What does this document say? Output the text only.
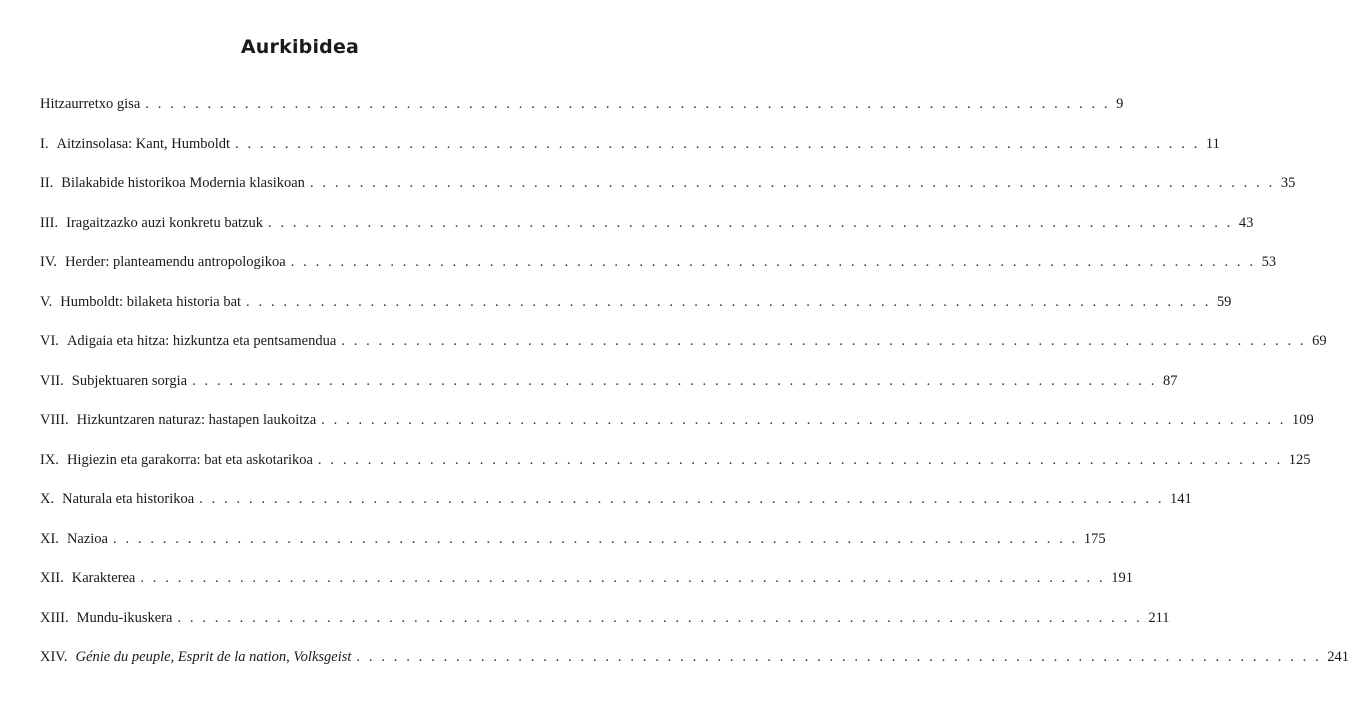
Aurkibidea
Hitzaurretxo gisa . . . . . . . . . . . . . . . . . . . . . . . . . . . . . . . . . . . . . . . . . . . . . . . . . . . . . . . . . . . . . . . . . . . . . . . . . . . . . . 9
I. Aitzinsolasa: Kant, Humboldt . . . . . . . . . . . . . . . . . . . . . . . . . . . . . . . . . . . . . . . . . . . . . . . . . . . . . . . . . . . . . . . . . . . . . . . . . . . . . . 11
II. Bilakabide historikoa Modernia klasikoan . . . . . . . . . . . . . . . . . . . . . . . . . . . . . . . . . . . . . . . . . . . . . . . . . . . . . . . . . . . . . . . . . . . . . . . . . . . . . . 35
III. Iragaitzazko auzi konkretu batzuk . . . . . . . . . . . . . . . . . . . . . . . . . . . . . . . . . . . . . . . . . . . . . . . . . . . . . . . . . . . . . . . . . . . . . . . . . . . . . . 43
IV. Herder: planteamendu antropologikoa . . . . . . . . . . . . . . . . . . . . . . . . . . . . . . . . . . . . . . . . . . . . . . . . . . . . . . . . . . . . . . . . . . . . . . . . . . . . . . 53
V. Humboldt: bilaketa historia bat . . . . . . . . . . . . . . . . . . . . . . . . . . . . . . . . . . . . . . . . . . . . . . . . . . . . . . . . . . . . . . . . . . . . . . . . . . . . . . 59
VI. Adigaia eta hitza: hizkuntza eta pentsamendua . . . . . . . . . . . . . . . . . . . . . . . . . . . . . . . . . . . . . . . . . . . . . . . . . . . . . . . . . . . . . . . . . . . . . . . . . . . . . . 69
VII. Subjektuaren sorgia . . . . . . . . . . . . . . . . . . . . . . . . . . . . . . . . . . . . . . . . . . . . . . . . . . . . . . . . . . . . . . . . . . . . . . . . . . . . . . 87
VIII. Hizkuntzaren naturaz: hastapen laukoitza . . . . . . . . . . . . . . . . . . . . . . . . . . . . . . . . . . . . . . . . . . . . . . . . . . . . . . . . . . . . . . . . . . . . . . . . . . . . . . 109
IX. Higiezin eta garakorra: bat eta askotarikoa . . . . . . . . . . . . . . . . . . . . . . . . . . . . . . . . . . . . . . . . . . . . . . . . . . . . . . . . . . . . . . . . . . . . . . . . . . . . . . 125
X. Naturala eta historikoa . . . . . . . . . . . . . . . . . . . . . . . . . . . . . . . . . . . . . . . . . . . . . . . . . . . . . . . . . . . . . . . . . . . . . . . . . . . . . . 141
XI. Nazioa . . . . . . . . . . . . . . . . . . . . . . . . . . . . . . . . . . . . . . . . . . . . . . . . . . . . . . . . . . . . . . . . . . . . . . . . . . . . . . 175
XII. Karakterea . . . . . . . . . . . . . . . . . . . . . . . . . . . . . . . . . . . . . . . . . . . . . . . . . . . . . . . . . . . . . . . . . . . . . . . . . . . . . . 191
XIII. Mundu-ikuskera . . . . . . . . . . . . . . . . . . . . . . . . . . . . . . . . . . . . . . . . . . . . . . . . . . . . . . . . . . . . . . . . . . . . . . . . . . . . . . 211
XIV. Génie du peuple, Esprit de la nation, Volksgeist . . . . . . . . . . . . . . . . . . . . . . . . . . . . . . . . . . . . . . . . . . . . . . . . . . . . . . . . . . . . . . . . . . . . . . . . . . . . . . 241
